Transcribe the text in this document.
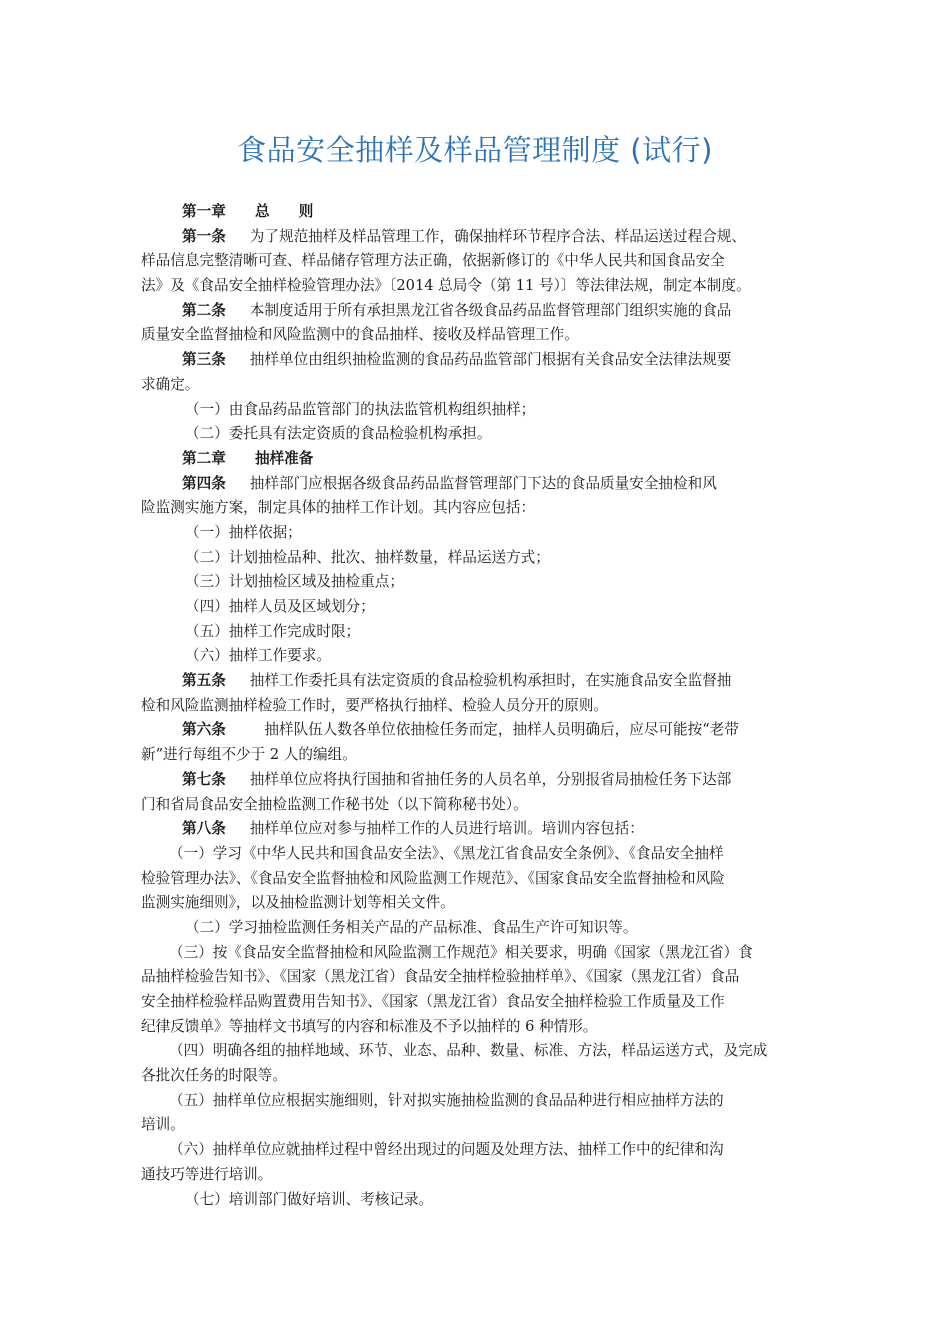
食品安全抽样及样品管理制度 (试行)
第一章　　总　　则
第一条 为了规范抽样及样品管理工作，确保抽样环节程序合法、样品运送过程合规、
样品信息完整清晰可查、样品储存管理方法正确，依据新修订的《中华人民共和国食品安全
法》及《食品安全抽样检验管理办法》〔2014 总局令（第 11 号）〕等法律法规，制定本制度。
第二条 本制度适用于所有承担黑龙江省各级食品药品监督管理部门组织实施的食品
质量安全监督抽检和风险监测中的食品抽样、接收及样品管理工作。
第三条 抽样单位由组织抽检监测的食品药品监管部门根据有关食品安全法律法规要
求确定。
（一）由食品药品监管部门的执法监管机构组织抽样；
（二）委托具有法定资质的食品检验机构承担。
第二章　　抽样准备
第四条 抽样部门应根据各级食品药品监督管理部门下达的食品质量安全抽检和风
险监测实施方案，制定具体的抽样工作计划。其内容应包括：
（一）抽样依据；
（二）计划抽检品种、批次、抽样数量，样品运送方式；
（三）计划抽检区域及抽检重点；
（四）抽样人员及区域划分；
（五）抽样工作完成时限；
（六）抽样工作要求。
第五条 抽样工作委托具有法定资质的食品检验机构承担时，在实施食品安全监督抽
检和风险监测抽样检验工作时，要严格执行抽样、检验人员分开的原则。
第六条　抽样队伍人数各单位依抽检任务而定，抽样人员明确后，应尽可能按“老带
新”进行每组不少于 2 人的编组。
第七条 抽样单位应将执行国抽和省抽任务的人员名单，分别报省局抽检任务下达部
门和省局食品安全抽检监测工作秘书处（以下简称秘书处）。
第八条 抽样单位应对参与抽样工作的人员进行培训。培训内容包括：
（一）学习《中华人民共和国食品安全法》、《黑龙江省食品安全条例》、《食品安全抽样
检验管理办法》、《食品安全监督抽检和风险监测工作规范》、《国家食品安全监督抽检和风险
监测实施细则》，以及抽检监测计划等相关文件。
（二）学习抽检监测任务相关产品的产品标准、食品生产许可知识等。
（三）按《食品安全监督抽检和风险监测工作规范》相关要求，明确《国家（黑龙江省）食
品抽样检验告知书》、《国家（黑龙江省）食品安全抽样检验抽样单》、《国家（黑龙江省）食品
安全抽样检验样品购置费用告知书》、《国家（黑龙江省）食品安全抽样检验工作质量及工作
纪律反馈单》等抽样文书填写的内容和标准及不予以抽样的 6 种情形。
（四）明确各组的抽样地域、环节、业态、品种、数量、标准、方法，样品运送方式，及完成
各批次任务的时限等。
（五）抽样单位应根据实施细则，针对拟实施抽检监测的食品品种进行相应抽样方法的
培训。
（六）抽样单位应就抽样过程中曾经出现过的问题及处理方法、抽样工作中的纪律和沟
通技巧等进行培训。
（七）培训部门做好培训、考核记录。
